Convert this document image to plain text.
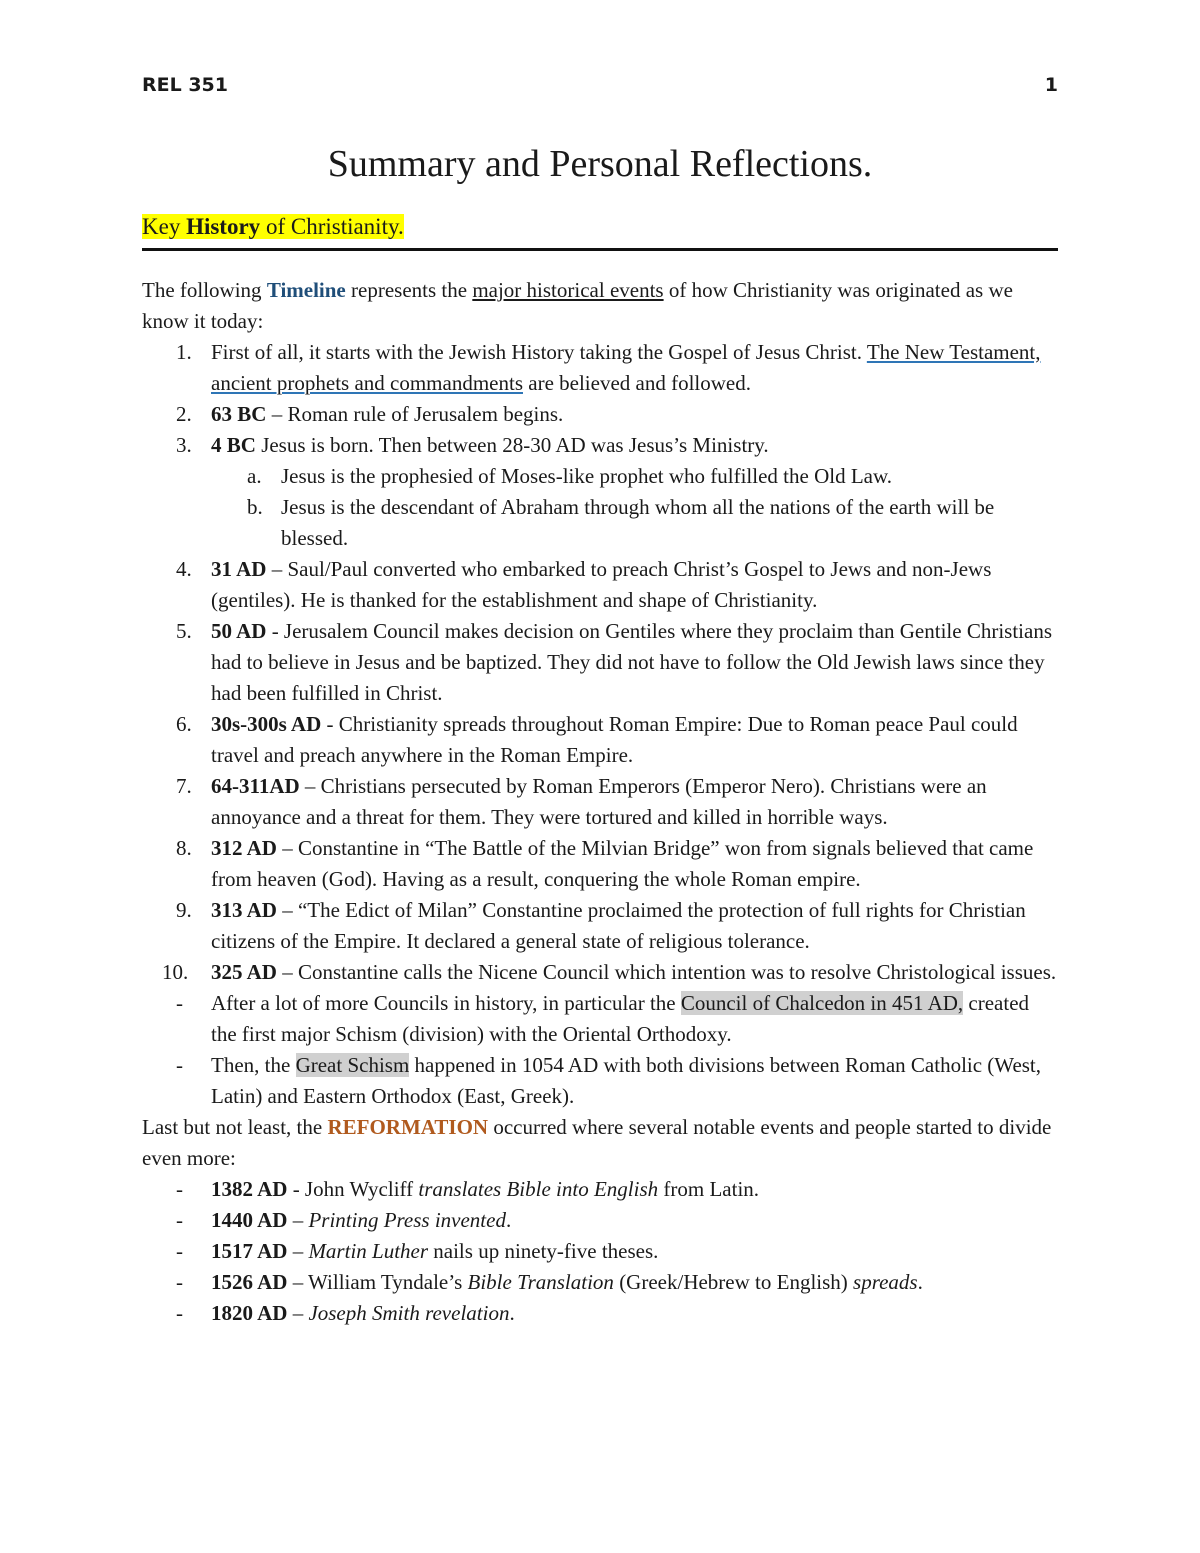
REL 351	1
Summary and Personal Reflections.
Key History of Christianity.

The following Timeline represents the major historical events of how Christianity was originated as we know it today:

1. First of all, it starts with the Jewish History taking the Gospel of Jesus Christ. The New Testament, ancient prophets and commandments are believed and followed.
2. 63 BC – Roman rule of Jerusalem begins.
3. 4 BC Jesus is born. Then between 28-30 AD was Jesus’s Ministry.
a. Jesus is the prophesied of Moses-like prophet who fulfilled the Old Law.
b. Jesus is the descendant of Abraham through whom all the nations of the earth will be blessed.
4. 31 AD – Saul/Paul converted who embarked to preach Christ’s Gospel to Jews and non-Jews (gentiles). He is thanked for the establishment and shape of Christianity.
5. 50 AD - Jerusalem Council makes decision on Gentiles where they proclaim than Gentile Christians had to believe in Jesus and be baptized. They did not have to follow the Old Jewish laws since they had been fulfilled in Christ.
6. 30s-300s AD - Christianity spreads throughout Roman Empire: Due to Roman peace Paul could travel and preach anywhere in the Roman Empire.
7. 64-311AD – Christians persecuted by Roman Emperors (Emperor Nero). Christians were an annoyance and a threat for them. They were tortured and killed in horrible ways.
8. 312 AD – Constantine in “The Battle of the Milvian Bridge” won from signals believed that came from heaven (God). Having as a result, conquering the whole Roman empire.
9. 313 AD – “The Edict of Milan” Constantine proclaimed the protection of full rights for Christian citizens of the Empire. It declared a general state of religious tolerance.
10. 325 AD – Constantine calls the Nicene Council which intention was to resolve Christological issues.
- After a lot of more Councils in history, in particular the Council of Chalcedon in 451 AD, created the first major Schism (division) with the Oriental Orthodoxy.
- Then, the Great Schism happened in 1054 AD with both divisions between Roman Catholic (West, Latin) and Eastern Orthodox (East, Greek).

Last but not least, the REFORMATION occurred where several notable events and people started to divide even more:

- 1382 AD - John Wycliff translates Bible into English from Latin.
- 1440 AD – Printing Press invented.
- 1517 AD – Martin Luther nails up ninety-five theses.
- 1526 AD – William Tyndale’s Bible Translation (Greek/Hebrew to English) spreads.
- 1820 AD – Joseph Smith revelation.
